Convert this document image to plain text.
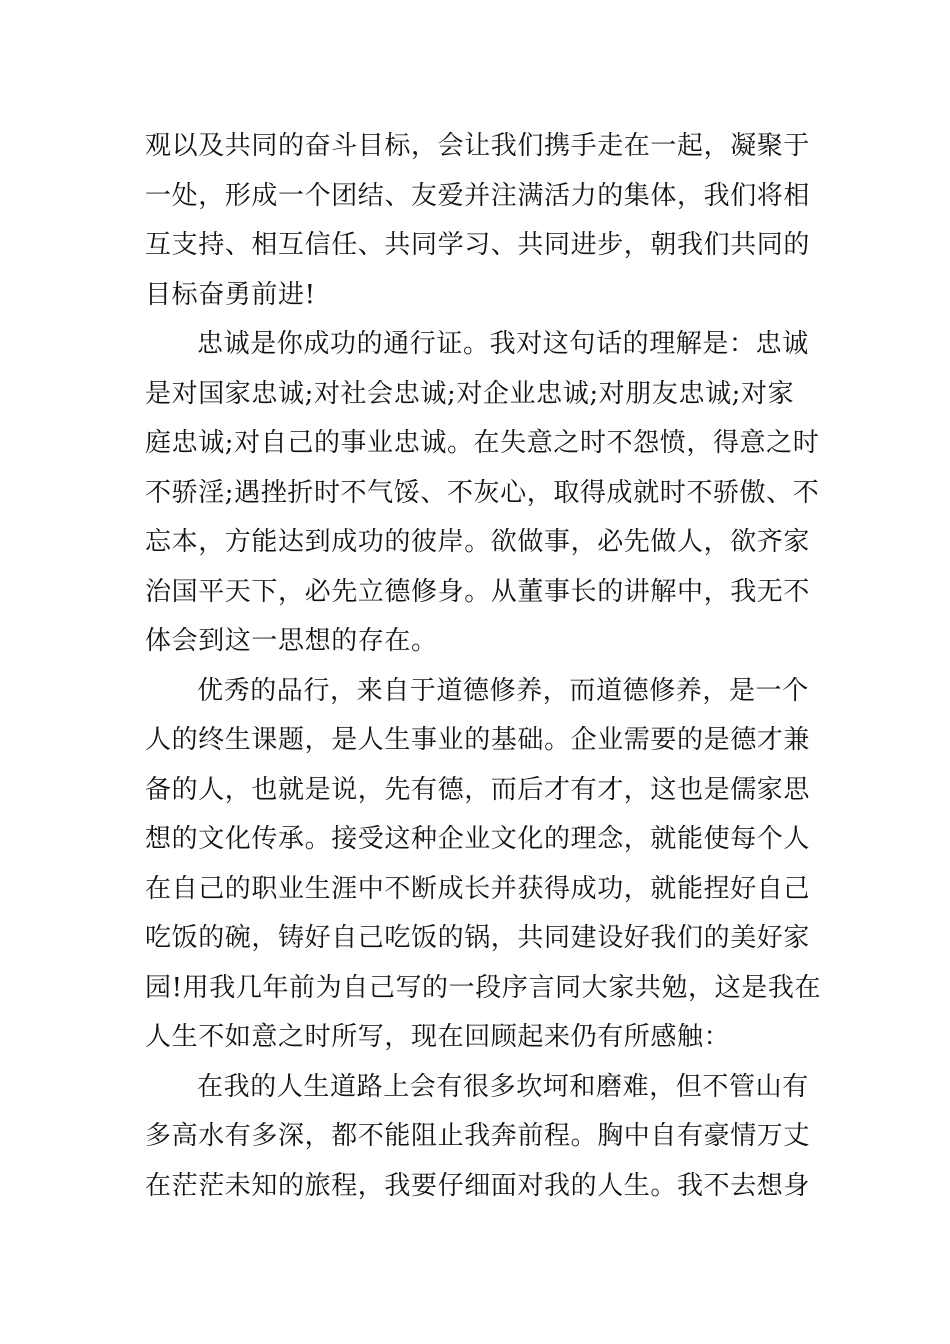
观以及共同的奋斗目标，会让我们携手走在一起，凝聚于
一处，形成一个团结、友爱并注满活力的集体，我们将相
互支持、相互信任、共同学习、共同进步，朝我们共同的
目标奋勇前进!

忠诚是你成功的通行证。我对这句话的理解是：忠诚
是对国家忠诚;对社会忠诚;对企业忠诚;对朋友忠诚;对家
庭忠诚;对自己的事业忠诚。在失意之时不怨愤，得意之时
不骄淫;遇挫折时不气馁、不灰心，取得成就时不骄傲、不
忘本，方能达到成功的彼岸。欲做事，必先做人，欲齐家
治国平天下，必先立德修身。从董事长的讲解中，我无不
体会到这一思想的存在。

优秀的品行，来自于道德修养，而道德修养，是一个
人的终生课题，是人生事业的基础。企业需要的是德才兼
备的人，也就是说，先有德，而后才有才，这也是儒家思
想的文化传承。接受这种企业文化的理念，就能使每个人
在自己的职业生涯中不断成长并获得成功，就能捏好自己
吃饭的碗，铸好自己吃饭的锅，共同建设好我们的美好家
园!用我几年前为自己写的一段序言同大家共勉，这是我在
人生不如意之时所写，现在回顾起来仍有所感触：

在我的人生道路上会有很多坎坷和磨难，但不管山有
多高水有多深，都不能阻止我奔前程。胸中自有豪情万丈
在茫茫未知的旅程，我要仔细面对我的人生。我不去想身
